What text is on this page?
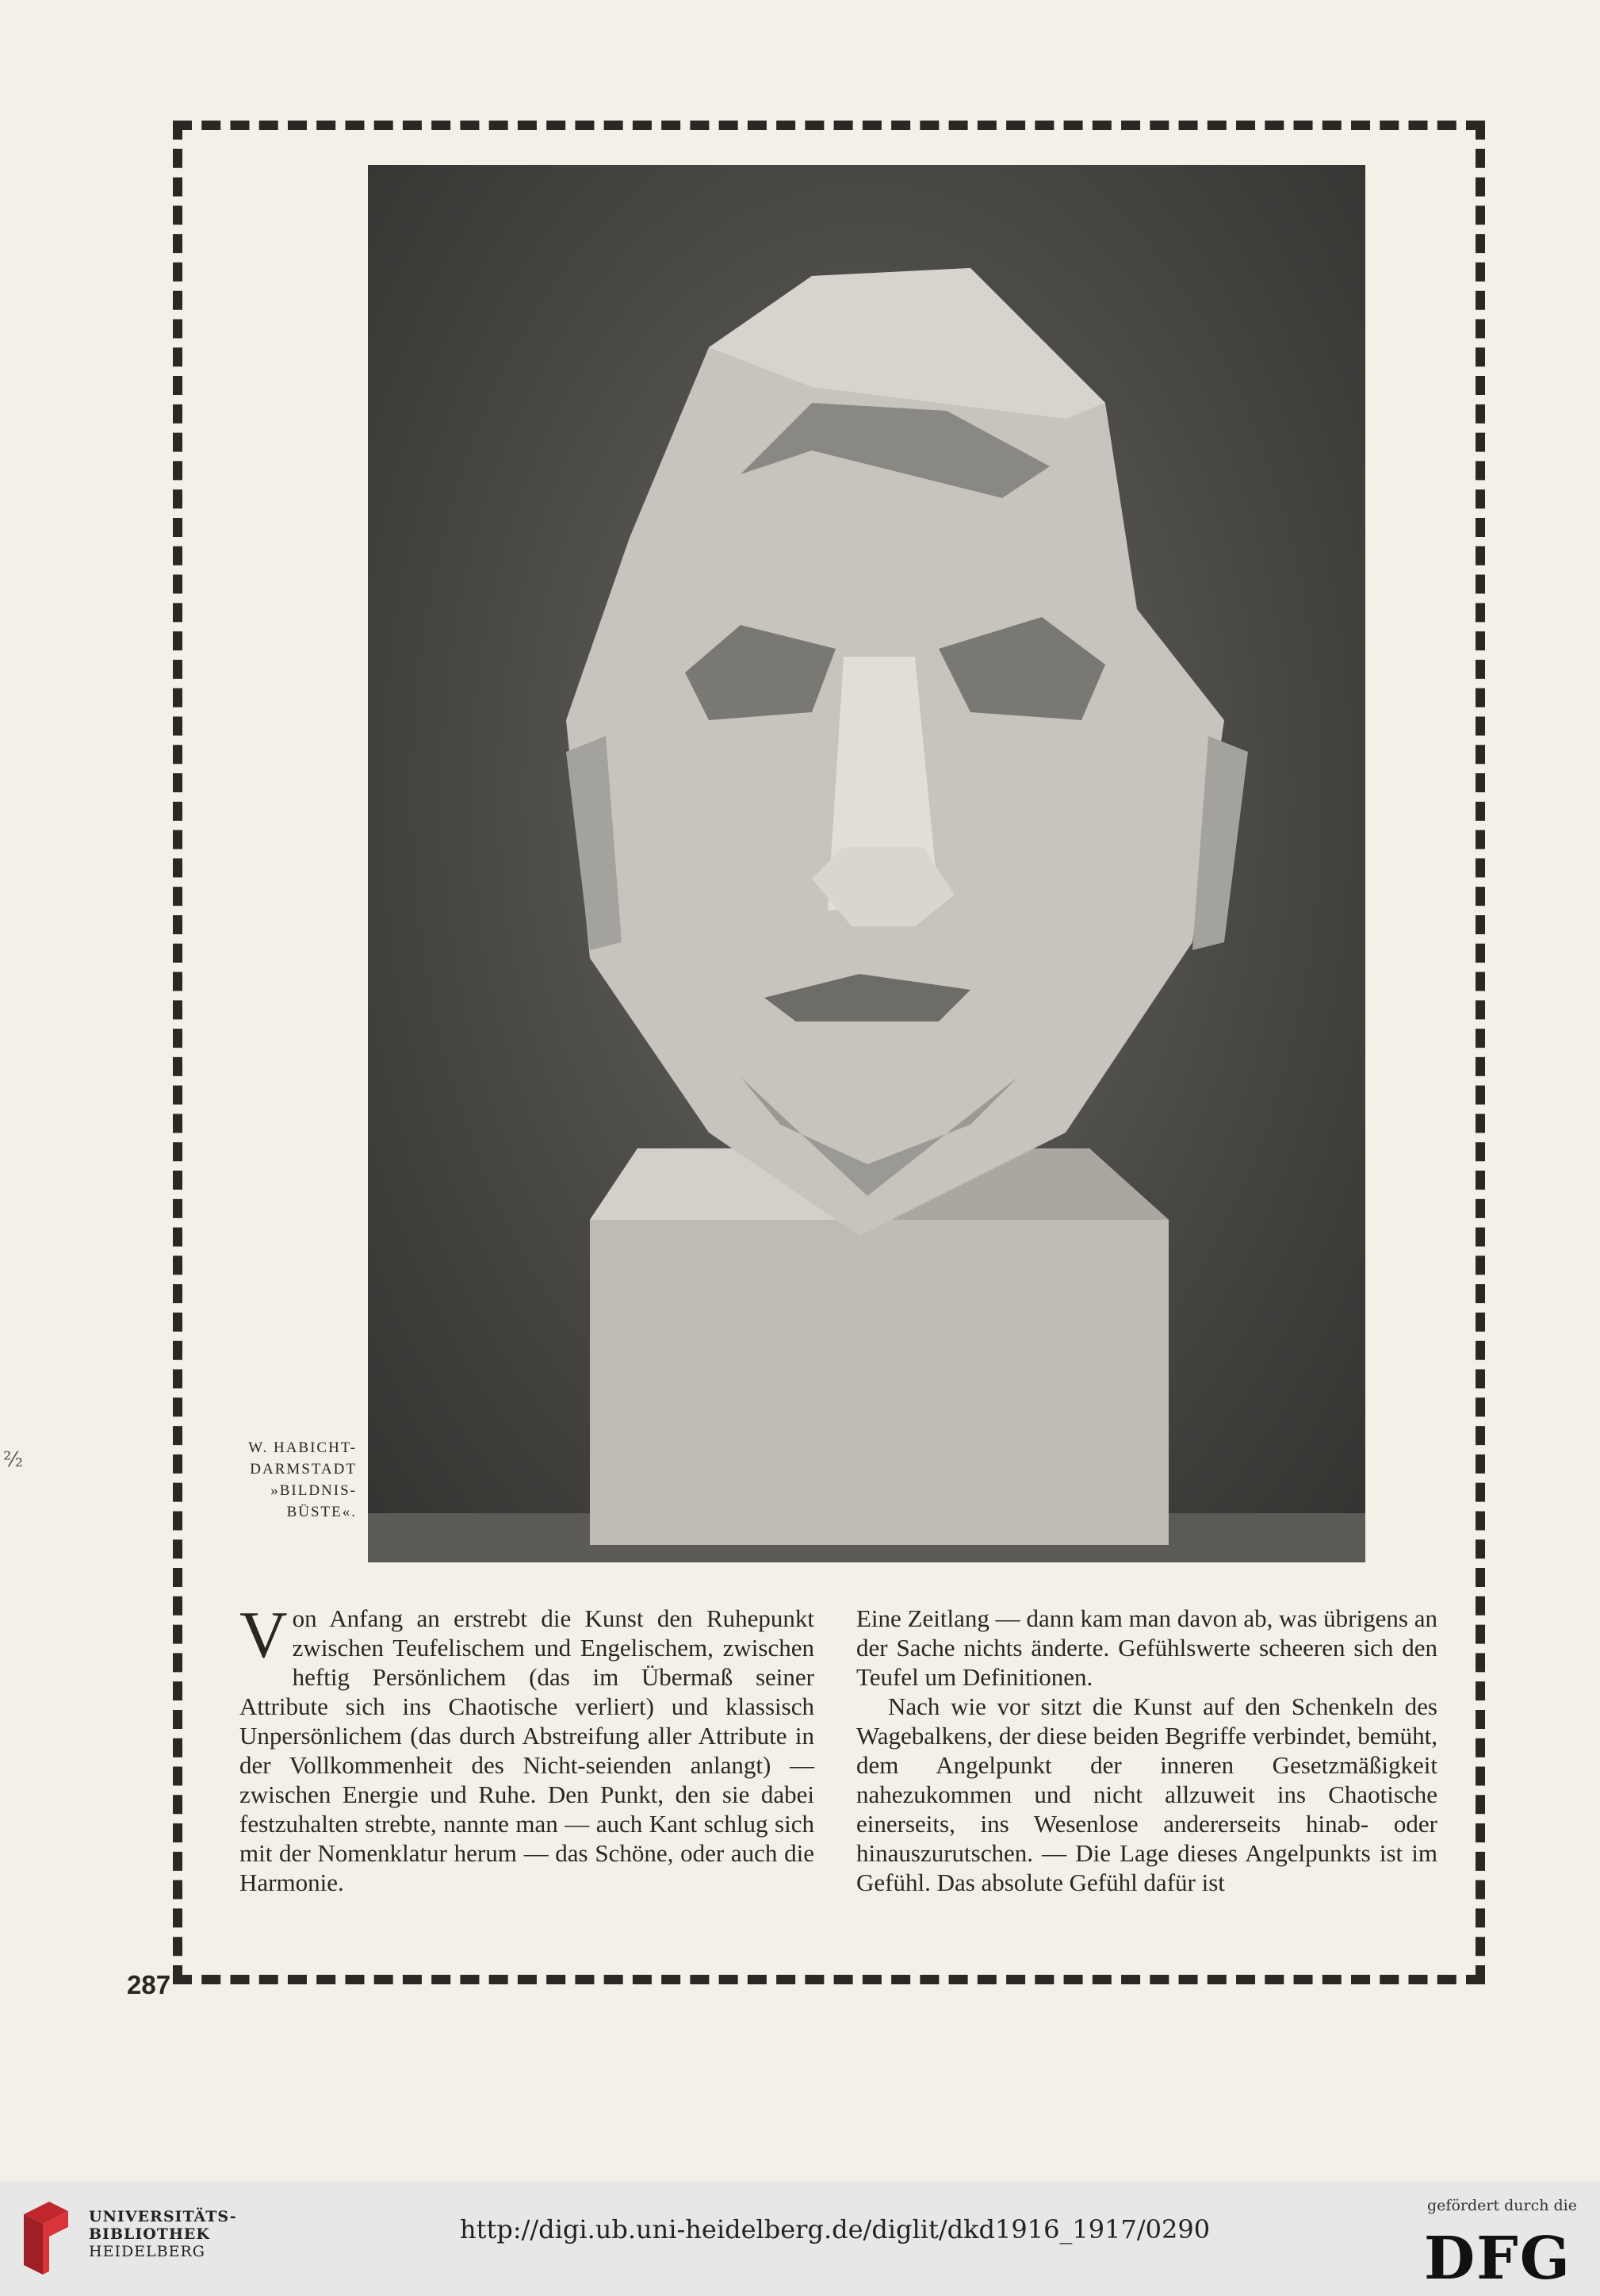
W. HABICHT-
DARMSTADT
»BILDNIS-
BÜSTE«.

Von Anfang an erstrebt die Kunst den Ruhepunkt zwischen Teufelischem und Engelischem, zwischen heftig Persönlichem (das im Übermaß seiner Attribute sich ins Chaotische verliert) und klassisch Unpersönlichem (das durch Abstreifung aller Attribute in der Vollkommenheit des Nicht-seienden anlangt) — zwischen Energie und Ruhe. Den Punkt, den sie dabei festzuhalten strebte, nannte man — auch Kant schlug sich mit der Nomenklatur herum — das Schöne, oder auch die Harmonie.

Eine Zeitlang — dann kam man davon ab, was übrigens an der Sache nichts änderte. Gefühlswerte scheeren sich den Teufel um Definitionen.

Nach wie vor sitzt die Kunst auf den Schenkeln des Wagebalkens, der diese beiden Begriffe verbindet, bemüht, dem Angelpunkt der inneren Gesetzmäßigkeit nahezukommen und nicht allzuweit ins Chaotische einerseits, ins Wesenlose andererseits hinab- oder hinauszurutschen. — Die Lage dieses Angelpunkts ist im Gefühl. Das absolute Gefühl dafür ist

287
²⁄₂
UNIVERSITÄTS-
BIBLIOTHEK
HEIDELBERG
http://digi.ub.uni-heidelberg.de/diglit/dkd1916_1917/0290
gefördert durch die
DFG
